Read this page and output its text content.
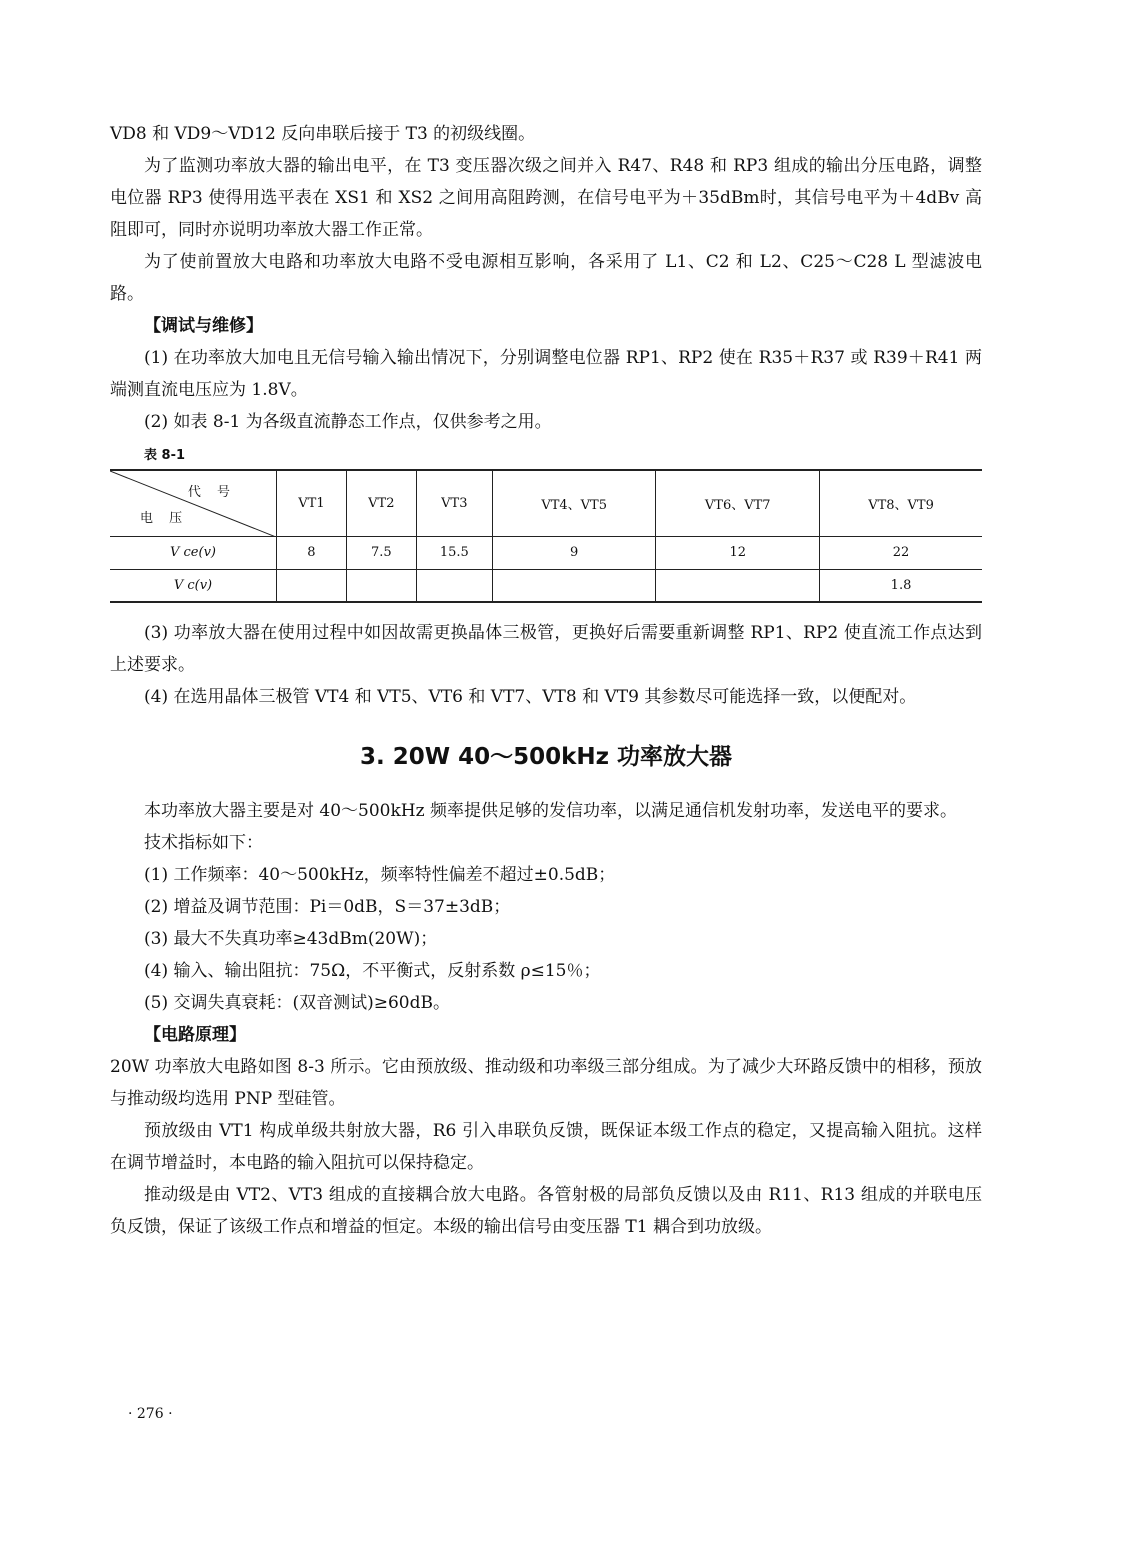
VD8 和 VD9～VD12 反向串联后接于 T3 的初级线圈。

为了监测功率放大器的输出电平，在 T3 变压器次级之间并入 R47、R48 和 RP3 组成的输出分压电路，调整电位器 RP3 使得用选平表在 XS1 和 XS2 之间用高阻跨测，在信号电平为＋35dBm时，其信号电平为＋4dBv 高阻即可，同时亦说明功率放大器工作正常。

为了使前置放大电路和功率放大电路不受电源相互影响，各采用了 L1、C2 和 L2、C25～C28 L 型滤波电路。

【调试与维修】

(1) 在功率放大加电且无信号输入输出情况下，分别调整电位器 RP1、RP2 使在 R35＋R37 或 R39＋R41 两端测直流电压应为 1.8V。

(2) 如表 8-1 为各级直流静态工作点，仅供参考之用。

表 8-1
代 号
电 压	VT1	VT2	VT3	VT4、VT5	VT6、VT7	VT8、VT9
V ce(v)	8	7.5	15.5	9	12	22
V c(v)						1.8

(3) 功率放大器在使用过程中如因故需更换晶体三极管，更换好后需要重新调整 RP1、RP2 使直流工作点达到上述要求。

(4) 在选用晶体三极管 VT4 和 VT5、VT6 和 VT7、VT8 和 VT9 其参数尽可能选择一致，以便配对。

3. 20W 40～500kHz 功率放大器

本功率放大器主要是对 40～500kHz 频率提供足够的发信功率，以满足通信机发射功率，发送电平的要求。

技术指标如下：

(1) 工作频率：40～500kHz，频率特性偏差不超过±0.5dB；

(2) 增益及调节范围：Pi＝0dB，S＝37±3dB；

(3) 最大不失真功率≥43dBm(20W)；

(4) 输入、输出阻抗：75Ω，不平衡式，反射系数 ρ≤15％；

(5) 交调失真衰耗：(双音测试)≥60dB。

【电路原理】

20W 功率放大电路如图 8-3 所示。它由预放级、推动级和功率级三部分组成。为了减少大环路反馈中的相移，预放与推动级均选用 PNP 型硅管。

预放级由 VT1 构成单级共射放大器，R6 引入串联负反馈，既保证本级工作点的稳定，又提高输入阻抗。这样在调节增益时，本电路的输入阻抗可以保持稳定。

推动级是由 VT2、VT3 组成的直接耦合放大电路。各管射极的局部负反馈以及由 R11、R13 组成的并联电压负反馈，保证了该级工作点和增益的恒定。本级的输出信号由变压器 T1 耦合到功放级。

· 276 ·
